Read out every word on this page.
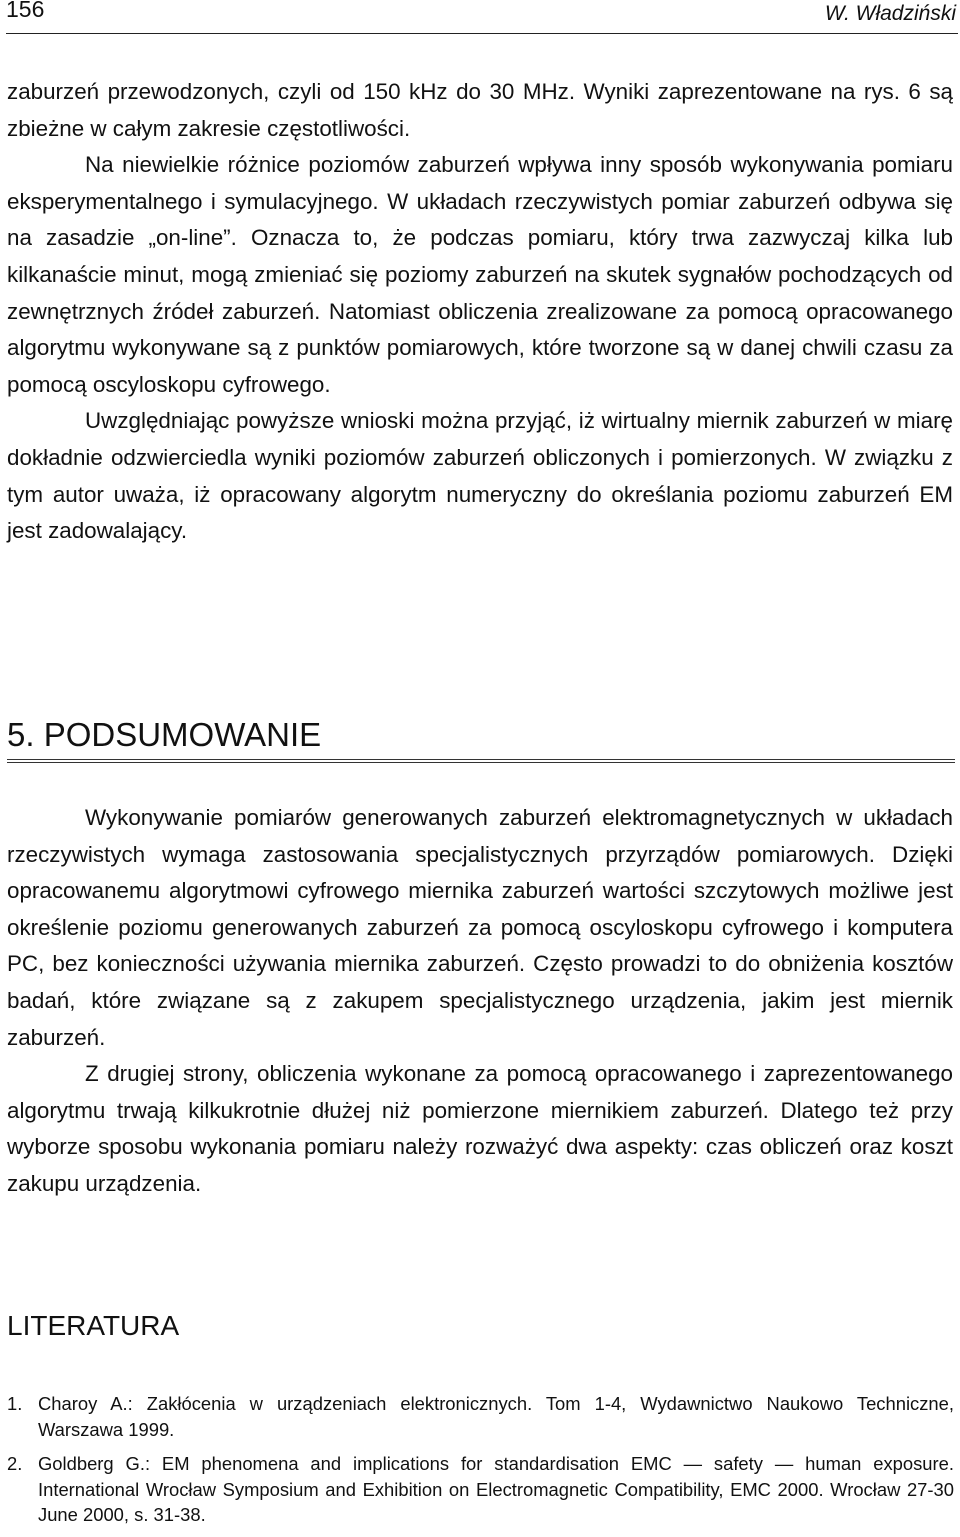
156	W. Władziński

zaburzeń przewodzonych, czyli od 150 kHz do 30 MHz. Wyniki zaprezentowane na rys. 6 są zbieżne w całym zakresie częstotliwości.

Na niewielkie różnice poziomów zaburzeń wpływa inny sposób wykonywania pomiaru eksperymentalnego i symulacyjnego. W układach rzeczywistych pomiar zaburzeń odbywa się na zasadzie „on-line”. Oznacza to, że podczas pomiaru, który trwa zazwyczaj kilka lub kilkanaście minut, mogą zmieniać się poziomy zaburzeń na skutek sygnałów pochodzących od zewnętrznych źródeł zaburzeń. Natomiast obliczenia zrealizowane za pomocą opracowanego algorytmu wykonywane są z punktów pomiarowych, które tworzone są w danej chwili czasu za pomocą oscyloskopu cyfrowego.

Uwzględniając powyższe wnioski można przyjąć, iż wirtualny miernik zaburzeń w miarę dokładnie odzwierciedla wyniki poziomów zaburzeń obliczonych i pomierzonych. W związku z tym autor uważa, iż opracowany algorytm numeryczny do określania poziomu zaburzeń EM jest zadowalający.

5. PODSUMOWANIE

Wykonywanie pomiarów generowanych zaburzeń elektromagnetycznych w układach rzeczywistych wymaga zastosowania specjalistycznych przyrządów pomiarowych. Dzięki opracowanemu algorytmowi cyfrowego miernika zaburzeń wartości szczytowych możliwe jest określenie poziomu generowanych zaburzeń za pomocą oscyloskopu cyfrowego i komputera PC, bez konieczności używania miernika zaburzeń. Często prowadzi to do obniżenia kosztów badań, które związane są z zakupem specjalistycznego urządzenia, jakim jest miernik zaburzeń.

Z drugiej strony, obliczenia wykonane za pomocą opracowanego i zaprezentowanego algorytmu trwają kilkukrotnie dłużej niż pomierzone miernikiem zaburzeń. Dlatego też przy wyborze sposobu wykonania pomiaru należy rozważyć dwa aspekty: czas obliczeń oraz koszt zakupu urządzenia.

LITERATURA
1. Charoy A.: Zakłócenia w urządzeniach elektronicznych. Tom 1-4, Wydawnictwo Naukowo Techniczne, Warszawa 1999.
2. Goldberg G.: EM phenomena and implications for standardisation EMC — safety — human exposure. International Wrocław Symposium and Exhibition on Electromagnetic Compatibility, EMC 2000. Wrocław 27-30 June 2000, s. 31-38.
